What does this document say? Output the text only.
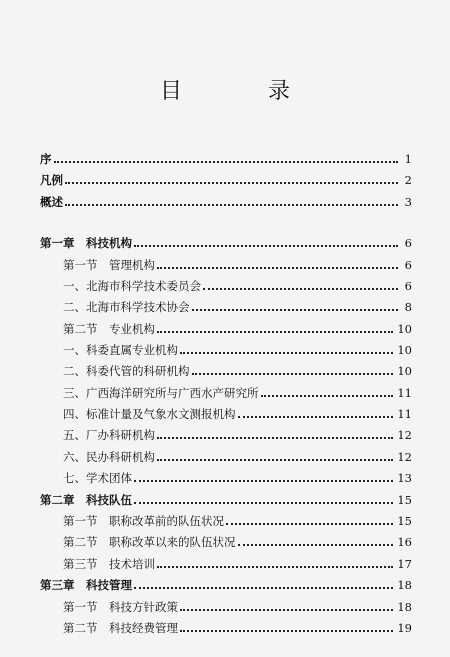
目录
序	1
凡例	2
概述	3
第一章　科技机构	6
第一节　管理机构	6
一、北海市科学技术委员会	6
二、北海市科学技术协会	8
第二节　专业机构	10
一、科委直属专业机构	10
二、科委代管的科研机构	10
三、广西海洋研究所与广西水产研究所	11
四、标准计量及气象水文测报机构	11
五、厂办科研机构	12
六、民办科研机构	12
七、学术团体	13
第二章　科技队伍	15
第一节　职称改革前的队伍状况	15
第二节　职称改革以来的队伍状况	16
第三节　技术培训	17
第三章　科技管理	18
第一节　科技方针政策	18
第二节　科技经费管理	19
